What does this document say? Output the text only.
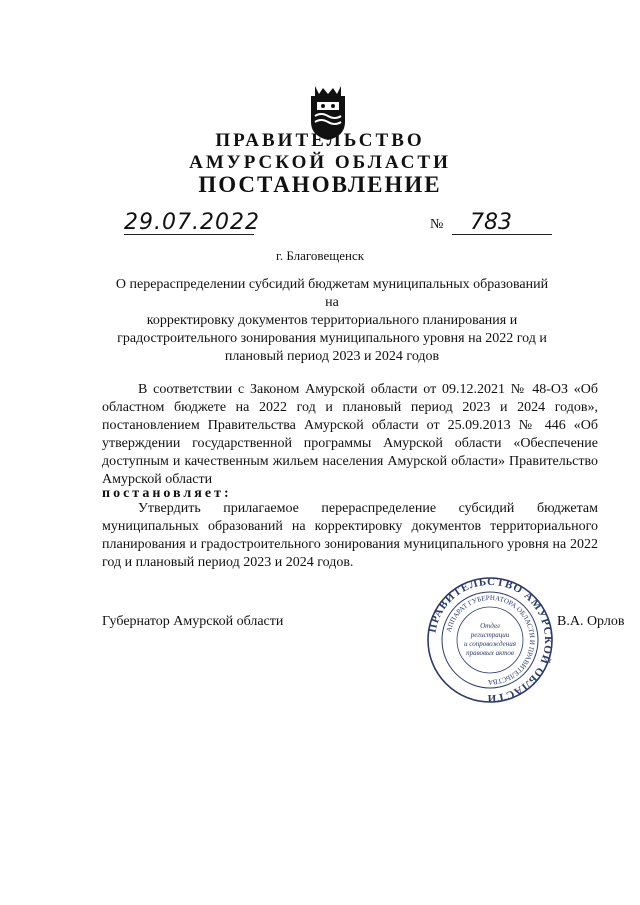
ПРАВИТЕЛЬСТВО
АМУРСКОЙ ОБЛАСТИ
ПОСТАНОВЛЕНИЕ
29.07.2022	№	783
г. Благовещенск
О перераспределении субсидий бюджетам муниципальных образований на
корректировку документов территориального планирования и
градостроительного зонирования муниципального уровня на 2022 год и
плановый период 2023 и 2024 годов

В соответствии с Законом Амурской области от 09.12.2021 № 48-ОЗ «Об областном бюджете на 2022 год и плановый период 2023 и 2024 годов», постановлением Правительства Амурской области от 25.09.2013 № 446 «Об утверждении государственной программы Амурской области «Обеспечение доступным и качественным жильем населения Амурской области» Правительство Амурской области

постановляет:

Утвердить прилагаемое перераспределение субсидий бюджетам муниципальных образований на корректировку документов территориального планирования и градостроительного зонирования муниципального уровня на 2022 год и плановый период 2023 и 2024 годов.

Губернатор Амурской области	В.А. Орлов
ПРАВИТЕЛЬСТВО АМУРСКОЙ ОБЛАСТИ
АППАРАТ ГУБЕРНАТОРА ОБЛАСТИ И ПРАВИТЕЛЬСТВА
Отдел
регистрации
и сопровождения
правовых актов
